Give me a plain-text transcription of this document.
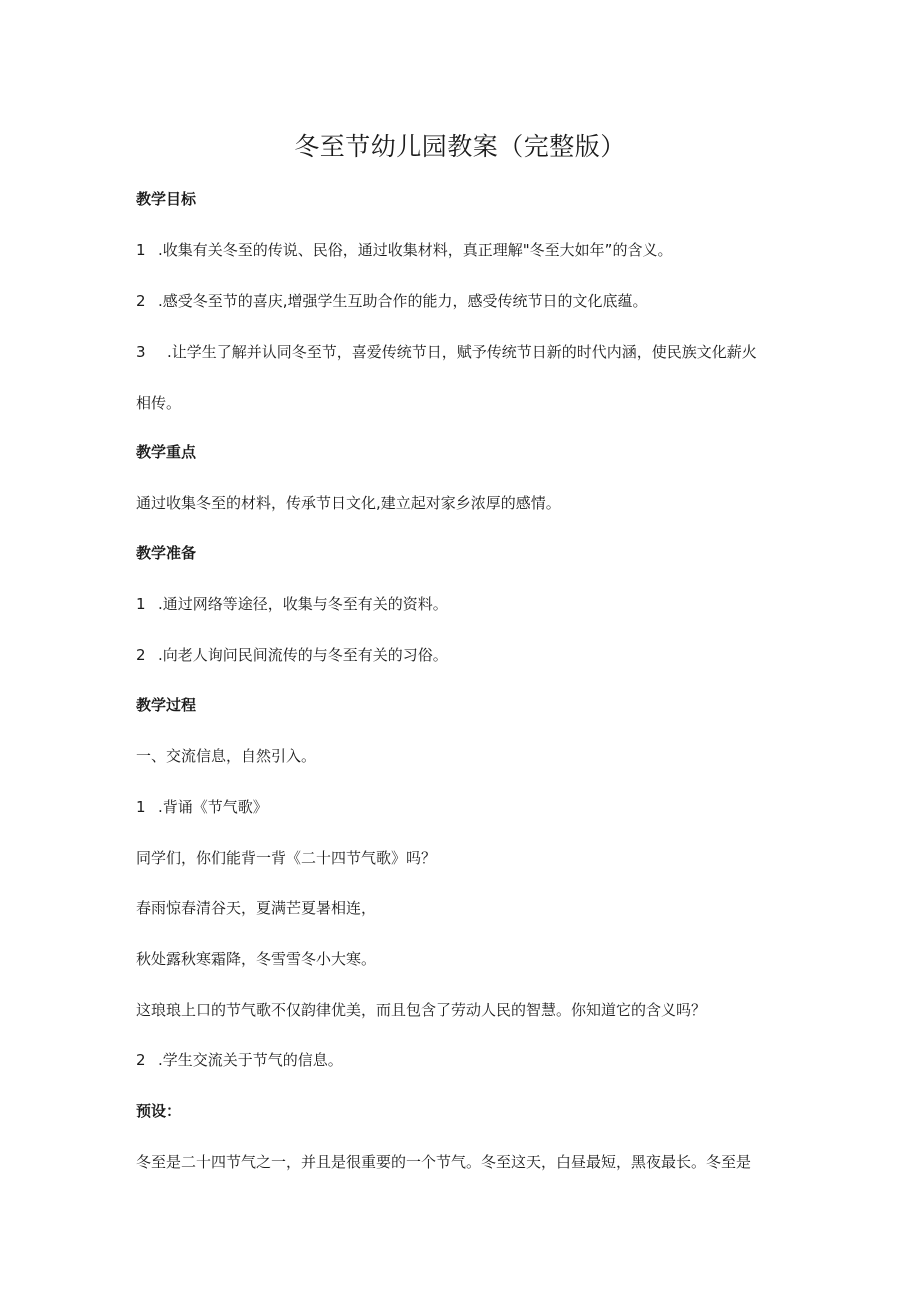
冬至节幼儿园教案（完整版）
教学目标
1 .收集有关冬至的传说、民俗，通过收集材料，真正理解"冬至大如年”的含义。
2 .感受冬至节的喜庆,增强学生互助合作的能力，感受传统节日的文化底蕴。
3 .让学生了解并认同冬至节，喜爱传统节日，赋予传统节日新的时代内涵，使民族文化薪火
相传。
教学重点
通过收集冬至的材料，传承节日文化,建立起对家乡浓厚的感情。
教学准备
1 .通过网络等途径，收集与冬至有关的资料。
2 .向老人询问民间流传的与冬至有关的习俗。
教学过程
一、交流信息，自然引入。
1 .背诵《节气歌》
同学们，你们能背一背《二十四节气歌》吗？
春雨惊春清谷天，夏满芒夏暑相连，
秋处露秋寒霜降，冬雪雪冬小大寒。
这琅琅上口的节气歌不仅韵律优美，而且包含了劳动人民的智慧。你知道它的含义吗？
2 .学生交流关于节气的信息。
预设：
冬至是二十四节气之一，并且是很重要的一个节气。冬至这天，白昼最短，黑夜最长。冬至是
